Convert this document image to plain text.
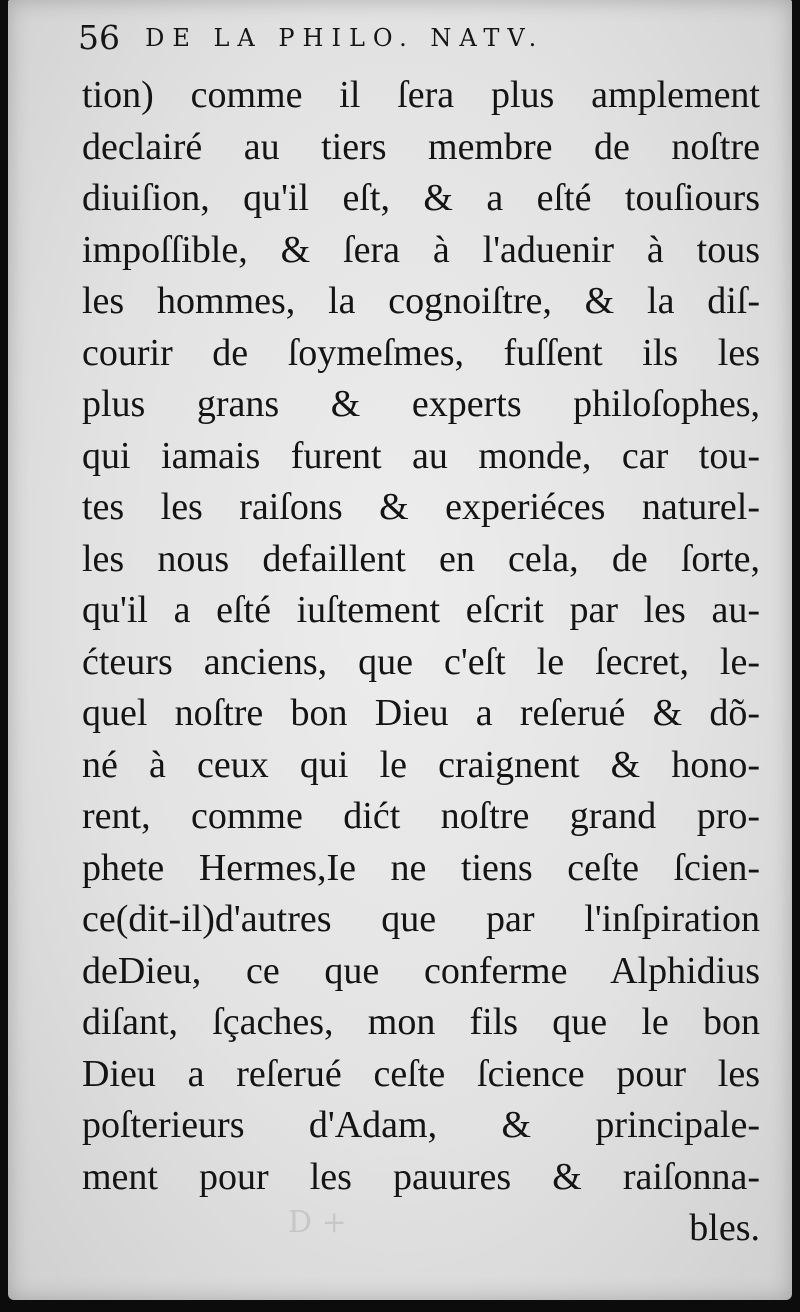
D +
56 DE LA PHILO. NATV.
tion) comme il ſera plus amplement
declairé au tiers membre de noſtre
diuiſion, qu'il eſt, & a eſté touſiours
impoſſible, & ſera à l'aduenir à tous
les hommes, la cognoiſtre, & la diſ-
courir de ſoymeſmes, fuſſent ils les
plus grans & experts philoſophes,
qui iamais furent au monde, car tou-
tes les raiſons & experiéces naturel-
les nous defaillent en cela, de ſorte,
qu'il a eſté iuſtement eſcrit par les au-
ćteurs anciens, que c'eſt le ſecret, le-
quel noſtre bon Dieu a reſerué & dõ-
né à ceux qui le craignent & hono-
rent, comme dićt noſtre grand pro-
phete Hermes,Ie ne tiens ceſte ſcien-
ce(dit-il)d'autres que par l'inſpiration
deDieu, ce que conferme Alphidius
diſant, ſçaches, mon fils que le bon
Dieu a reſerué ceſte ſcience pour les
poſterieurs d'Adam, & principale-
ment pour les pauures & raiſonna-
bles.
